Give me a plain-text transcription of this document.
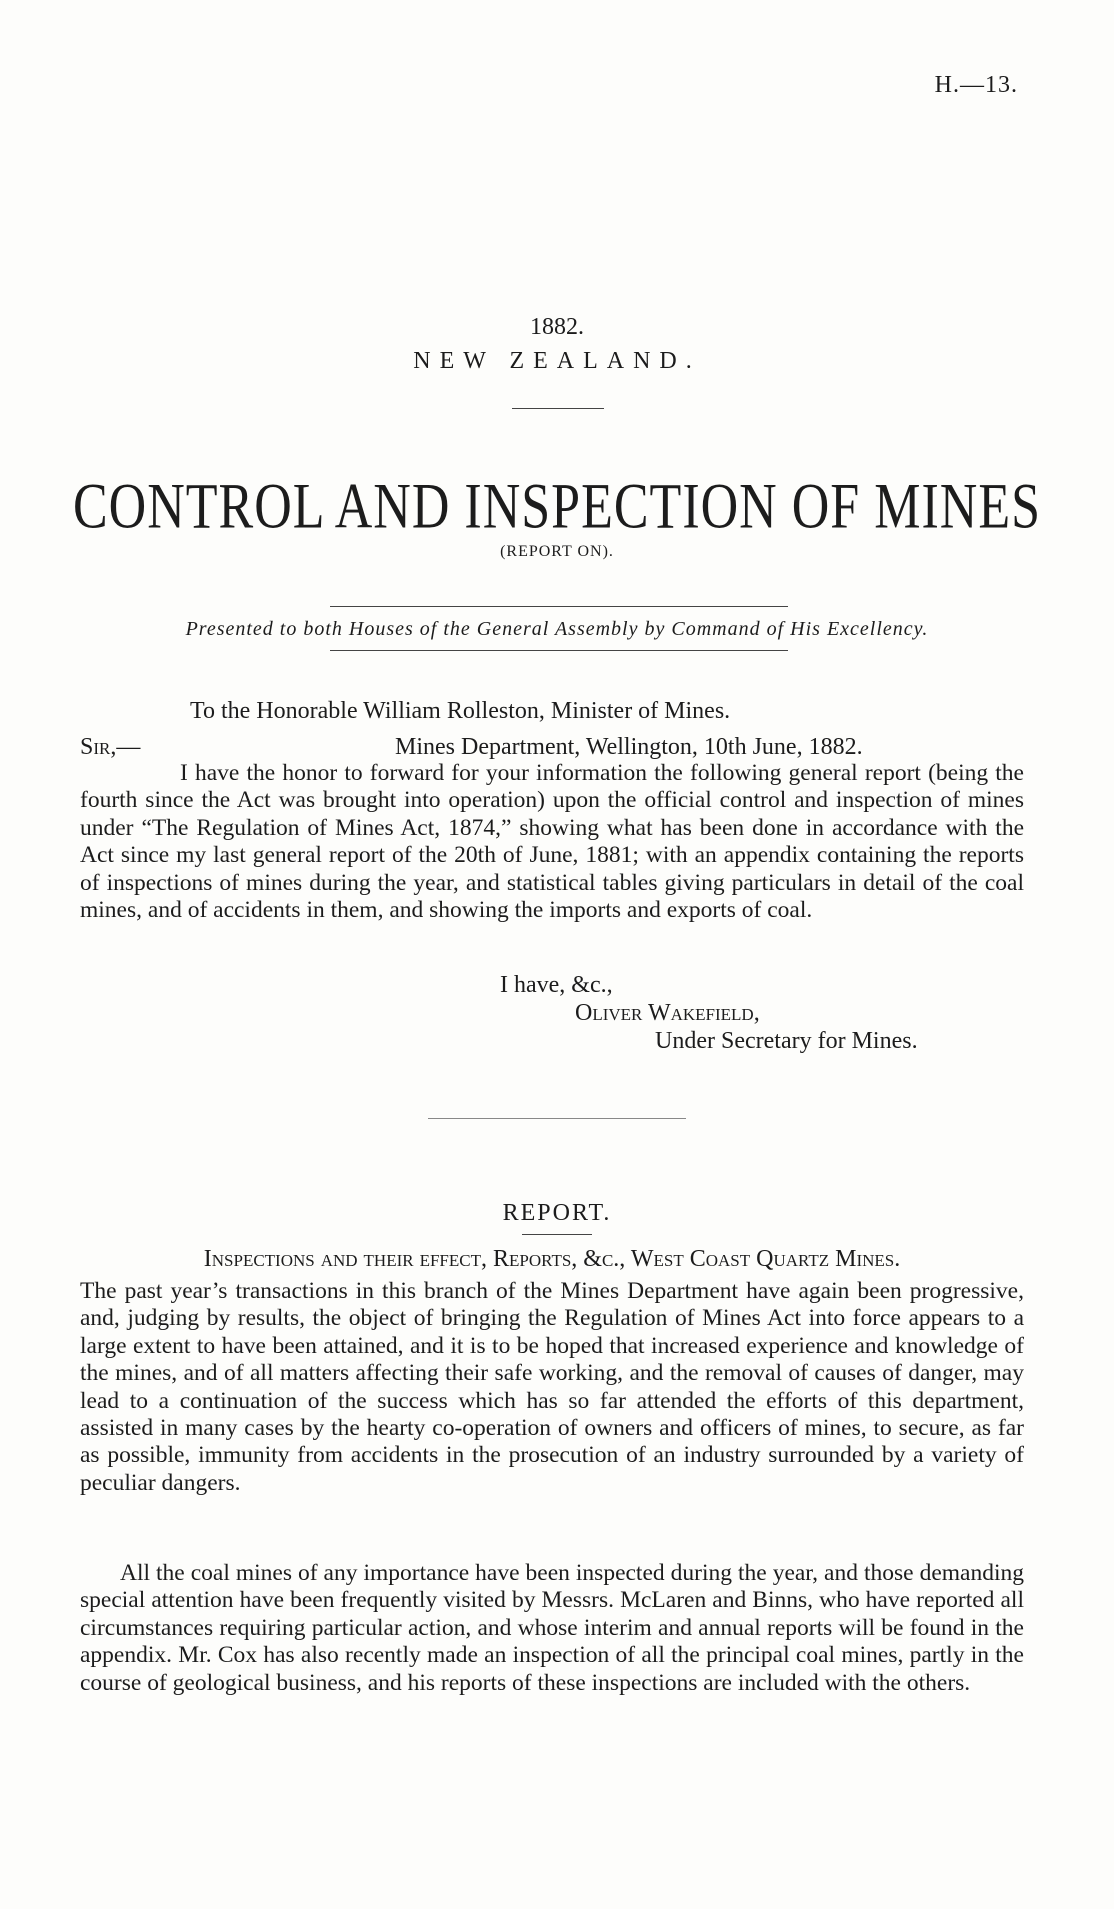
H.—13.
1882.
NEW ZEALAND.
CONTROL AND INSPECTION OF MINES
(REPORT ON).
Presented to both Houses of the General Assembly by Command of His Excellency.
To the Honorable William Rolleston, Minister of Mines.
Sir,—	Mines Department, Wellington, 10th June, 1882.
I have the honor to forward for your information the following general report (being the fourth since the Act was brought into operation) upon the official control and inspection of mines under “The Regulation of Mines Act, 1874,” showing what has been done in accordance with the Act since my last general report of the 20th of June, 1881; with an appendix containing the reports of inspections of mines during the year, and statistical tables giving particulars in detail of the coal mines, and of accidents in them, and showing the imports and exports of coal.
I have, &c.,
Oliver Wakefield,
Under Secretary for Mines.
REPORT.
Inspections and their effect, Reports, &c., West Coast Quartz Mines.
The past year’s transactions in this branch of the Mines Department have again been progressive, and, judging by results, the object of bringing the Regulation of Mines Act into force appears to a large extent to have been attained, and it is to be hoped that increased experience and knowledge of the mines, and of all matters affecting their safe working, and the removal of causes of danger, may lead to a continuation of the success which has so far attended the efforts of this department, assisted in many cases by the hearty co-operation of owners and officers of mines, to secure, as far as possible, immunity from accidents in the prosecution of an industry surrounded by a variety of peculiar dangers.
All the coal mines of any importance have been inspected during the year, and those demanding special attention have been frequently visited by Messrs. McLaren and Binns, who have reported all circumstances requiring particular action, and whose interim and annual reports will be found in the appendix. Mr. Cox has also recently made an inspection of all the principal coal mines, partly in the course of geological business, and his reports of these inspections are included with the others.
